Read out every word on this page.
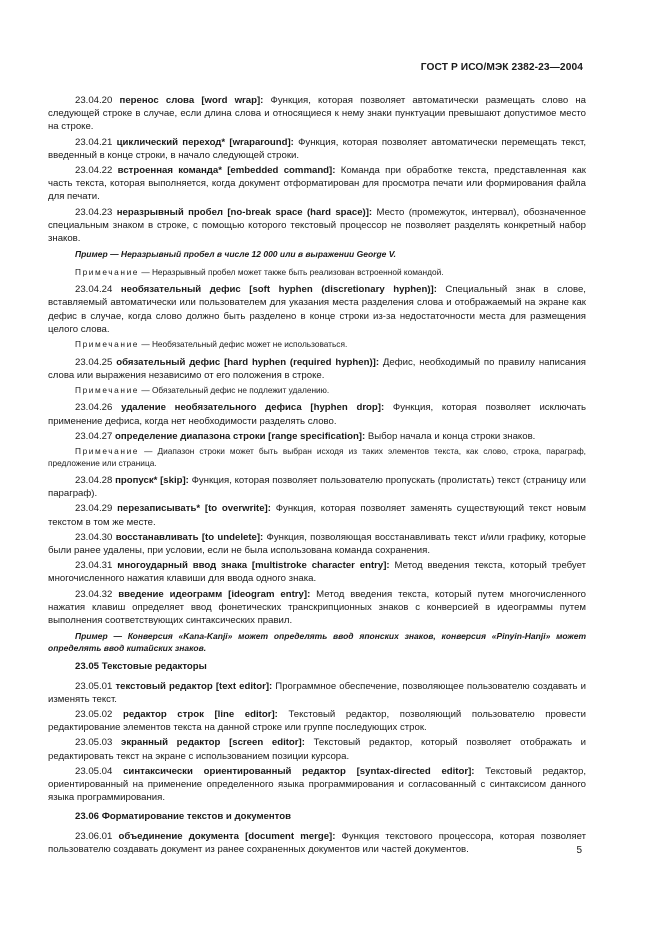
ГОСТ Р ИСО/МЭК 2382-23—2004

23.04.20 перенос слова [word wrap]: Функция, которая позволяет автоматически размещать слово на следующей строке в случае, если длина слова и относящиеся к нему знаки пунктуации превышают допустимое место на строке.

23.04.21 циклический переход* [wraparound]: Функция, которая позволяет автоматически перемещать текст, введенный в конце строки, в начало следующей строки.

23.04.22 встроенная команда* [embedded command]: Команда при обработке текста, представленная как часть текста, которая выполняется, когда документ отформатирован для просмотра печати или формирования файла для печати.

23.04.23 неразрывный пробел [no-break space (hard space)]: Место (промежуток, интервал), обозначенное специальным знаком в строке, с помощью которого текстовый процессор не позволяет разделять конкретный набор знаков.

Пример — Неразрывный пробел в числе 12 000 или в выражении George V.

Примечание — Неразрывный пробел может также быть реализован встроенной командой.

23.04.24 необязательный дефис [soft hyphen (discretionary hyphen)]: Специальный знак в слове, вставляемый автоматически или пользователем для указания места разделения слова и отображаемый на экране как дефис в случае, когда слово должно быть разделено в конце строки из-за недостаточности места для размещения целого слова.

Примечание — Необязательный дефис может не использоваться.

23.04.25 обязательный дефис [hard hyphen (required hyphen)]: Дефис, необходимый по правилу написания слова или выражения независимо от его положения в строке.

Примечание — Обязательный дефис не подлежит удалению.

23.04.26 удаление необязательного дефиса [hyphen drop]: Функция, которая позволяет исключать применение дефиса, когда нет необходимости разделять слово.

23.04.27 определение диапазона строки [range specification]: Выбор начала и конца строки знаков.

Примечание — Диапазон строки может быть выбран исходя из таких элементов текста, как слово, строка, параграф, предложение или страница.

23.04.28 пропуск* [skip]: Функция, которая позволяет пользователю пропускать (пролистать) текст (страницу или параграф).

23.04.29 перезаписывать* [to overwrite]: Функция, которая позволяет заменять существующий текст новым текстом в том же месте.

23.04.30 восстанавливать [to undelete]: Функция, позволяющая восстанавливать текст и/или графику, которые были ранее удалены, при условии, если не была использована команда сохранения.

23.04.31 многоударный ввод знака [multistroke character entry]: Метод введения текста, который требует многочисленного нажатия клавиши для ввода одного знака.

23.04.32 введение идеограмм [ideogram entry]: Метод введения текста, который путем многочисленного нажатия клавиш определяет ввод фонетических транскрипционных знаков с конверсией в идеограммы путем выполнения соответствующих синтаксических правил.

Пример — Конверсия «Kana-Kanji» может определять ввод японских знаков, конверсия «Pinyin-Hanji» может определять ввод китайских знаков.

23.05 Текстовые редакторы

23.05.01 текстовый редактор [text editor]: Программное обеспечение, позволяющее пользователю создавать и изменять текст.

23.05.02 редактор строк [line editor]: Текстовый редактор, позволяющий пользователю провести редактирование элементов текста на данной строке или группе последующих строк.

23.05.03 экранный редактор [screen editor]: Текстовый редактор, который позволяет отображать и редактировать текст на экране с использованием позиции курсора.

23.05.04 синтаксически ориентированный редактор [syntax-directed editor]: Текстовый редактор, ориентированный на применение определенного языка программирования и согласованный с синтаксисом данного языка программирования.

23.06 Форматирование текстов и документов

23.06.01 объединение документа [document merge]: Функция текстового процессора, которая позволяет пользователю создавать документ из ранее сохраненных документов или частей документов.	5
